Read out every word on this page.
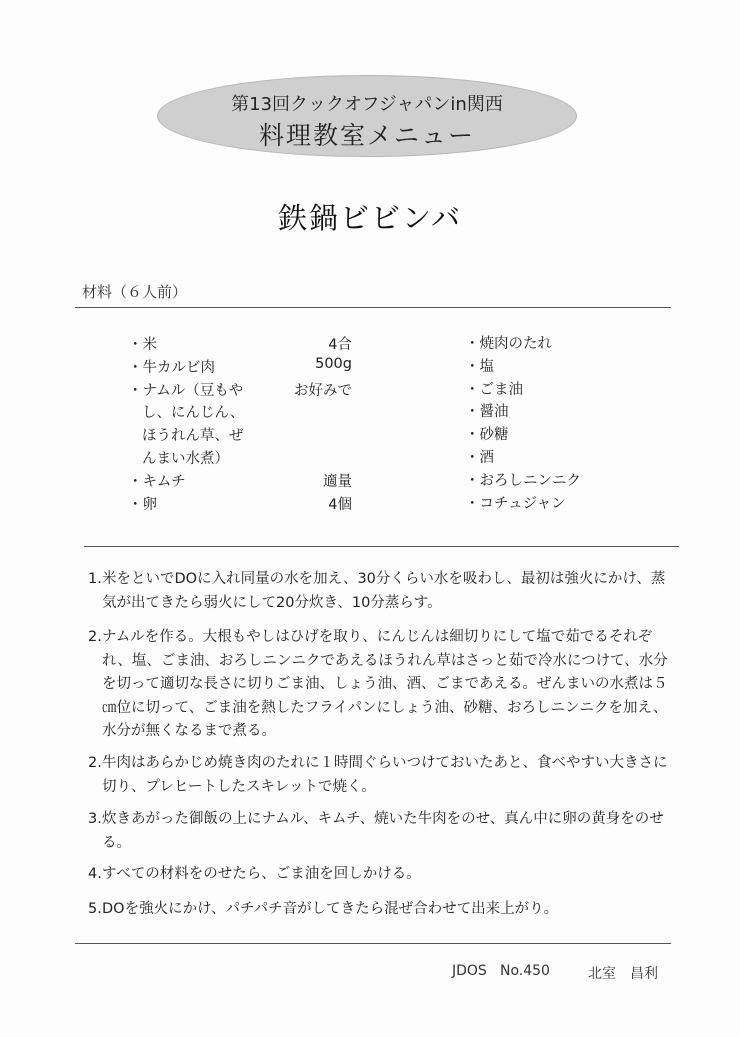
第13回クックオフジャパンin関西
料理教室メニュー
鉄鍋ビビンバ
材料（６人前）
・米
・牛カルビ肉
・ナムル（豆もや
し、にんじん、
ほうれん草、ぜ
んまい水煮）
・キムチ
・卵
4合
500g
お好みで
適量
4個
・焼肉のたれ
・塩
・ごま油
・醤油
・砂糖
・酒
・おろしニンニク
・コチュジャン
1. 米をといでDOに入れ同量の水を加え、30分くらい水を吸わし、最初は強火にかけ、蒸気が出てきたら弱火にして20分炊き、10分蒸らす。
2. ナムルを作る。大根もやしはひげを取り、にんじんは細切りにして塩で茹でるそれぞれ、塩、ごま油、おろしニンニクであえるほうれん草はさっと茹で冷水につけて、水分を切って適切な長さに切りごま油、しょう油、酒、ごまであえる。ぜんまいの水煮は５㎝位に切って、ごま油を熱したフライパンにしょう油、砂糖、おろしニンニクを加え、水分が無くなるまで煮る。
2. 牛肉はあらかじめ焼き肉のたれに１時間ぐらいつけておいたあと、食べやすい大きさに切り、プレヒートしたスキレットで焼く。
3. 炊きあがった御飯の上にナムル、キムチ、焼いた牛肉をのせ、真ん中に卵の黄身をのせる。
4. すべての材料をのせたら、ごま油を回しかける。
5. DOを強火にかけ、パチパチ音がしてきたら混ぜ合わせて出来上がり。
JDOS No.450	北室　昌利
